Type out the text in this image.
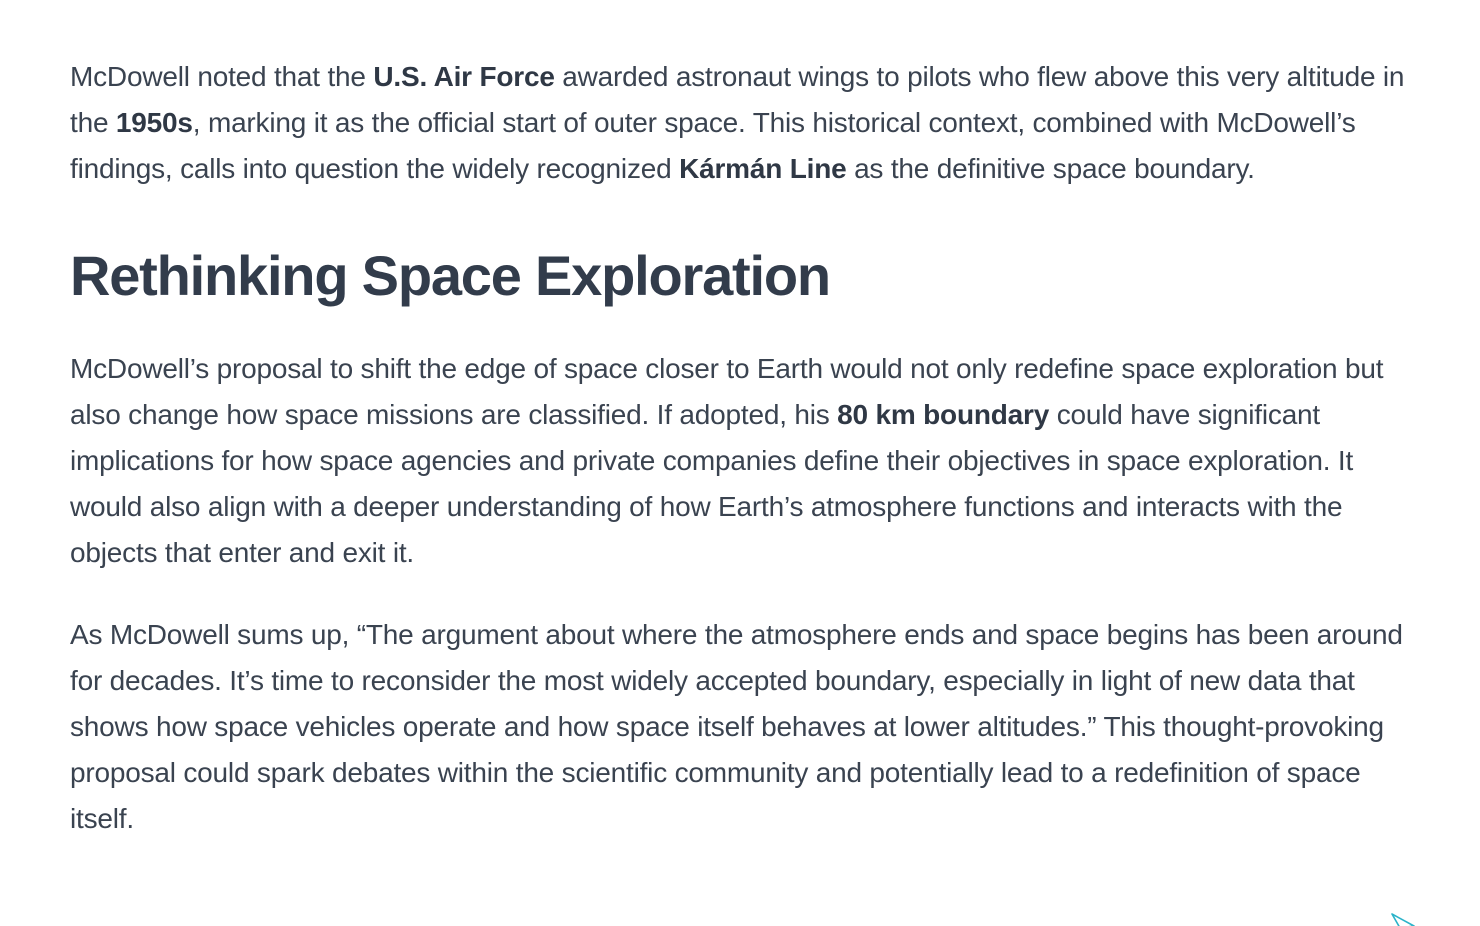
McDowell noted that the U.S. Air Force awarded astronaut wings to pilots who flew above this very altitude in the 1950s, marking it as the official start of outer space. This historical context, combined with McDowell’s findings, calls into question the widely recognized Kármán Line as the definitive space boundary.

Rethinking Space Exploration

McDowell’s proposal to shift the edge of space closer to Earth would not only redefine space exploration but also change how space missions are classified. If adopted, his 80 km boundary could have significant implications for how space agencies and private companies define their objectives in space exploration. It would also align with a deeper understanding of how Earth’s atmosphere functions and interacts with the objects that enter and exit it.

As McDowell sums up, “The argument about where the atmosphere ends and space begins has been around for decades. It’s time to reconsider the most widely accepted boundary, especially in light of new data that shows how space vehicles operate and how space itself behaves at lower altitudes.” This thought-provoking proposal could spark debates within the scientific community and potentially lead to a redefinition of space itself.
